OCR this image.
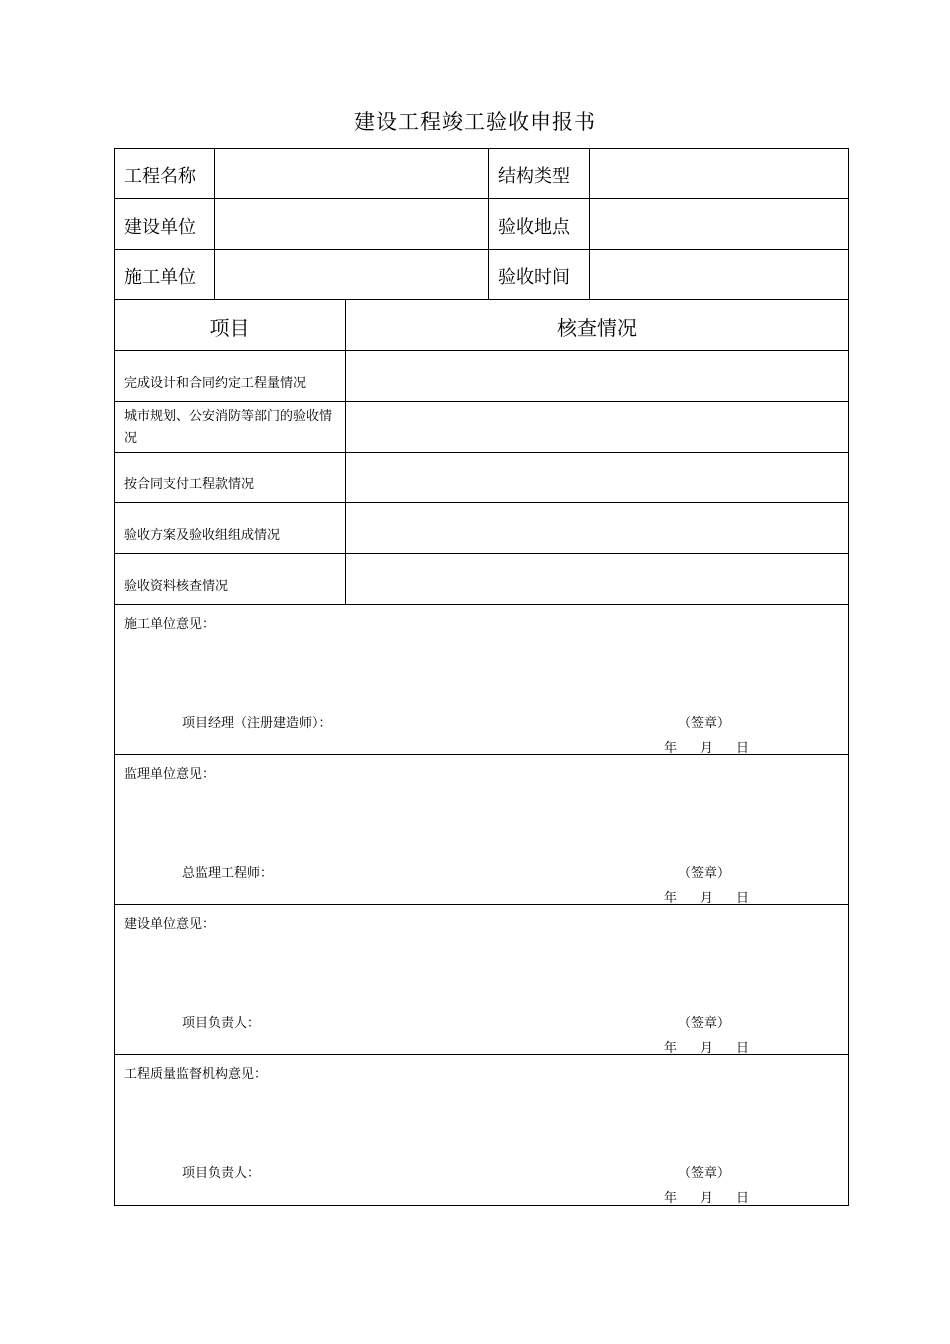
建设工程竣工验收申报书
工程名称	结构类型
建设单位	验收地点
施工单位	验收时间
项目	核查情况
完成设计和合同约定工程量情况
城市规划、公安消防等部门的验收情况
按合同支付工程款情况
验收方案及验收组组成情况
验收资料核查情况
施工单位意见：
项目经理（注册建造师）：	（签章）
年 月 日
监理单位意见：
总监理工程师：	（签章）
年 月 日
建设单位意见：
项目负责人：	（签章）
年 月 日
工程质量监督机构意见：
项目负责人：	（签章）
年 月 日
